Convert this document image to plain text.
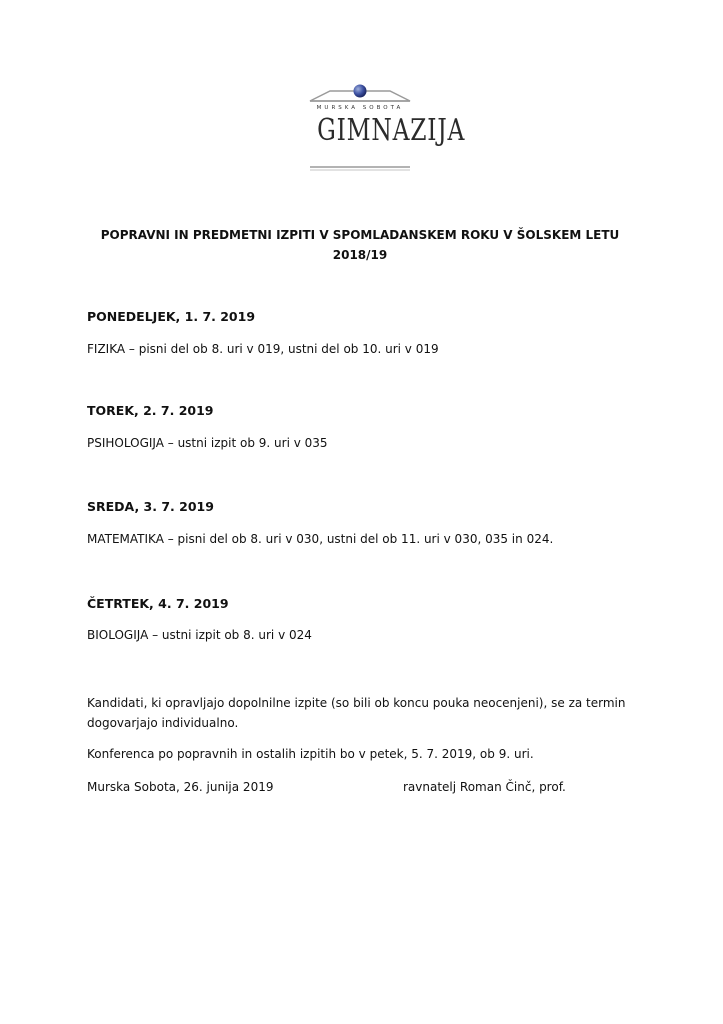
MURSKA SOBOTA
GIMNAZIJA
POPRAVNI IN PREDMETNI IZPITI V SPOMLADANSKEM ROKU V ŠOLSKEM LETU
2018/19
PONEDELJEK, 1. 7. 2019
FIZIKA – pisni del ob 8. uri v 019, ustni del ob 10. uri v 019
TOREK, 2. 7. 2019
PSIHOLOGIJA – ustni izpit ob 9. uri v 035
SREDA, 3. 7. 2019
MATEMATIKA – pisni del ob 8. uri v 030, ustni del ob 11. uri v 030, 035 in 024.
ČETRTEK, 4. 7. 2019
BIOLOGIJA – ustni izpit ob 8. uri v 024
Kandidati, ki opravljajo dopolnilne izpite (so bili ob koncu pouka neocenjeni), se za termin dogovarjajo individualno.
Konferenca po popravnih in ostalih izpitih bo v petek, 5. 7. 2019, ob 9. uri.
Murska Sobota, 26. junija 2019	ravnatelj Roman Činč, prof.
